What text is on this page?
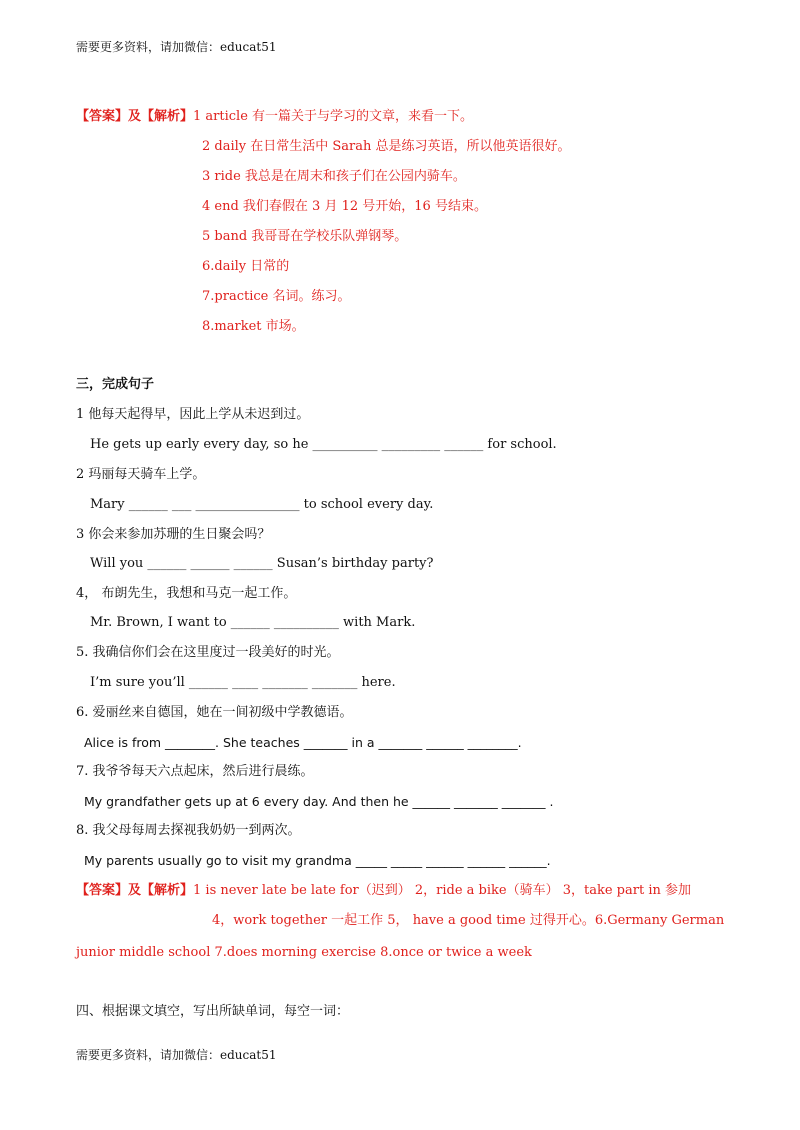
需要更多资料，请加微信：educat51
【答案】及【解析】1 article 有一篇关于与学习的文章，来看一下。
2 daily 在日常生活中 Sarah 总是练习英语，所以他英语很好。
3 ride 我总是在周末和孩子们在公园内骑车。
4 end 我们春假在 3 月 12 号开始，16 号结束。
5 band 我哥哥在学校乐队弹钢琴。
6.daily 日常的
7.practice 名词。练习。
8.market 市场。
三，完成句子
1 他每天起得早，因此上学从未迟到过。
He gets up early every day, so he __________ _________ ______ for school.
2 玛丽每天骑车上学。
Mary ______ ___ ________________ to school every day.
3 你会来参加苏珊的生日聚会吗？
Will you ______ ______ ______ Susan’s birthday party?
4， 布朗先生，我想和马克一起工作。
Mr. Brown, I want to ______ __________ with Mark.
5. 我确信你们会在这里度过一段美好的时光。
I’m sure you’ll ______ ____ _______ _______ here.
6. 爱丽丝来自德国，她在一间初级中学教德语。
Alice is from ________. She teaches _______ in a _______ ______ ________.
7. 我爷爷每天六点起床，然后进行晨练。
My grandfather gets up at 6 every day. And then he ______ _______ _______ .
8. 我父母每周去探视我奶奶一到两次。
My parents usually go to visit my grandma _____ _____ ______ ______ ______.
【答案】及【解析】1 is never late be late for（迟到） 2，ride a bike（骑车） 3，take part in 参加
4，work together 一起工作 5， have a good time 过得开心。6.Germany German
junior middle school 7.does morning exercise 8.once or twice a week
四、根据课文填空，写出所缺单词，每空一词：
需要更多资料，请加微信：educat51
